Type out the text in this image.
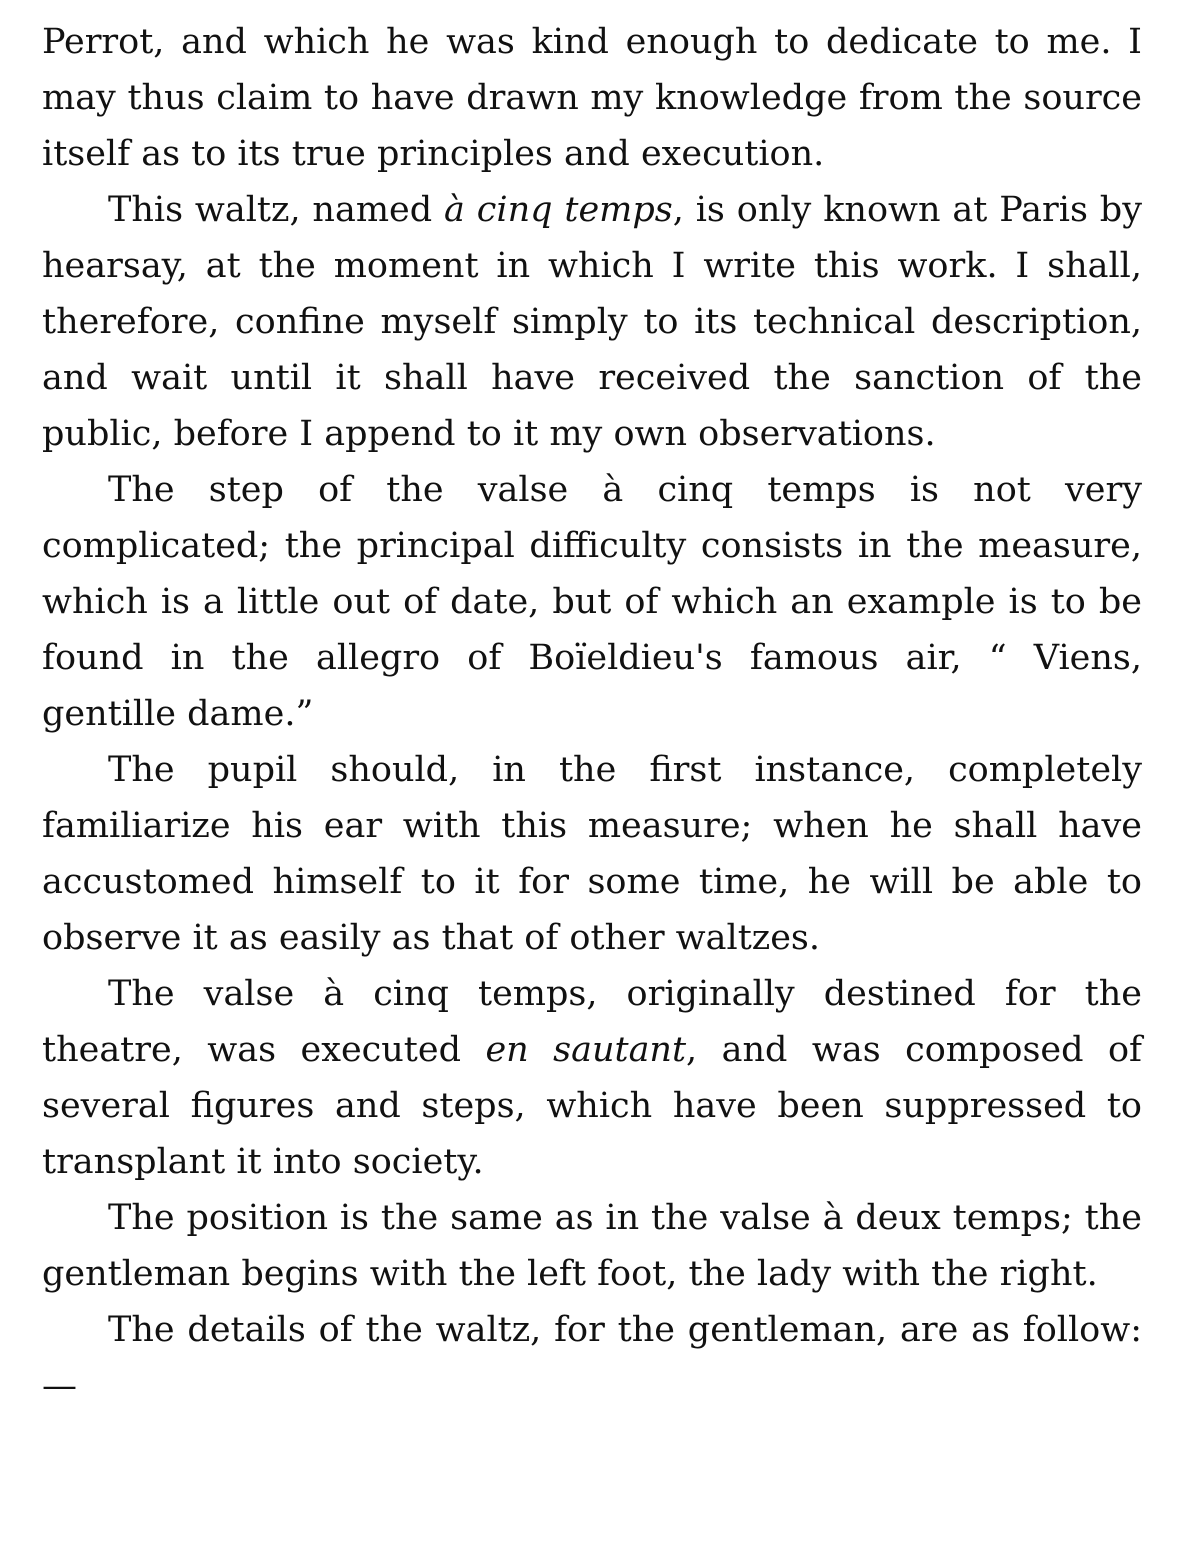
Perrot, and which he was kind enough to dedicate to me. I may thus claim to have drawn my knowledge from the source itself as to its true principles and execution.

This waltz, named à cinq temps, is only known at Paris by hearsay, at the moment in which I write this work. I shall, therefore, confine myself simply to its technical description, and wait until it shall have received the sanction of the public, before I append to it my own observations.

The step of the valse à cinq temps is not very complicated; the principal difficulty consists in the measure, which is a little out of date, but of which an example is to be found in the allegro of Boïeldieu's famous air, “ Viens, gentille dame.”

The pupil should, in the first instance, completely familiarize his ear with this measure; when he shall have accustomed himself to it for some time, he will be able to observe it as easily as that of other waltzes.

The valse à cinq temps, originally destined for the theatre, was executed en sautant, and was composed of several figures and steps, which have been suppressed to transplant it into society.

The position is the same as in the valse à deux temps; the gentleman begins with the left foot, the lady with the right.

The details of the waltz, for the gentleman, are as follow:—
